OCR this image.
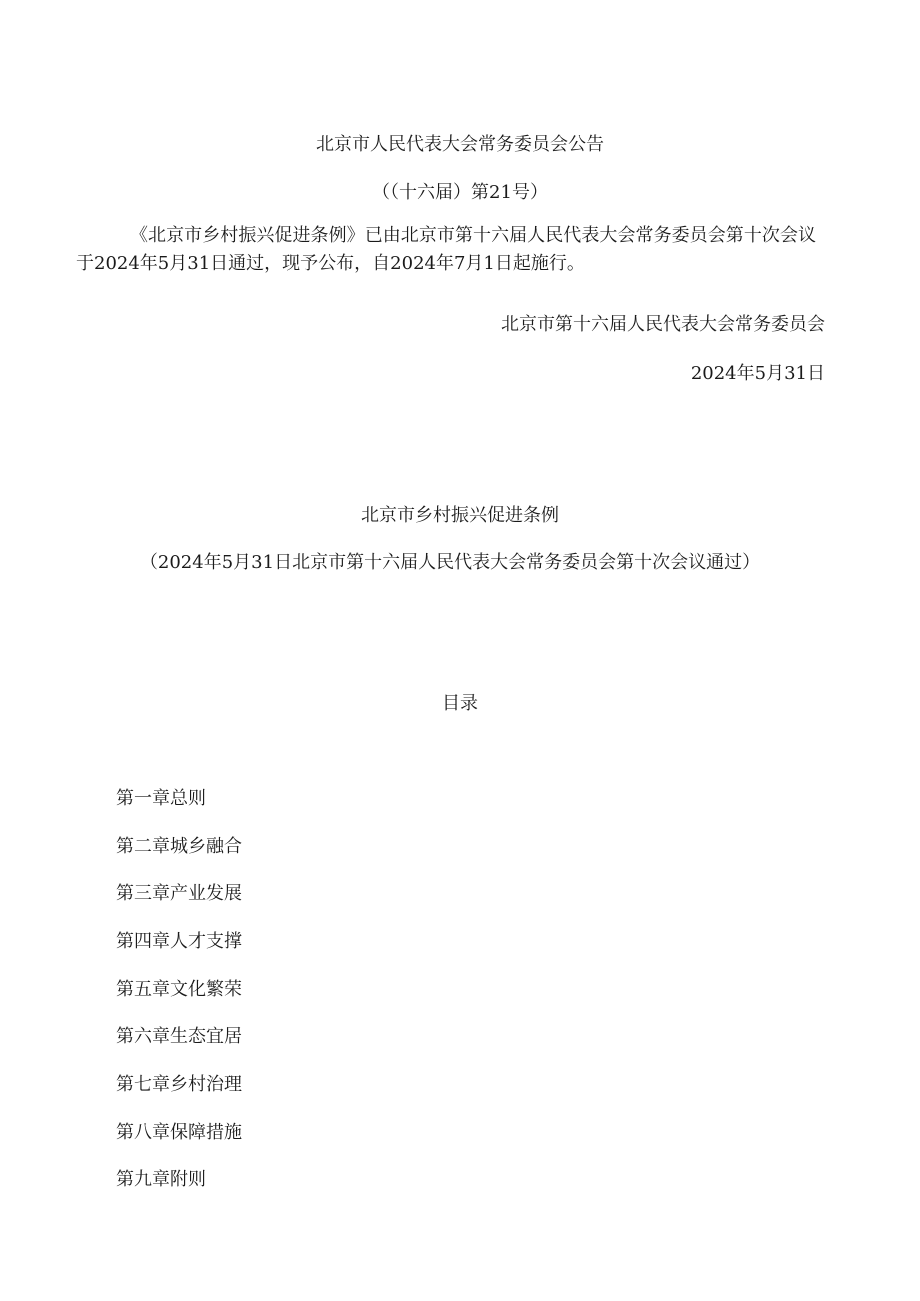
北京市人民代表大会常务委员会公告
（（十六届）第21号）
《北京市乡村振兴促进条例》已由北京市第十六届人民代表大会常务委员会第十次会议于2024年5月31日通过，现予公布，自2024年7月1日起施行。
北京市第十六届人民代表大会常务委员会
2024年5月31日
北京市乡村振兴促进条例
（2024年5月31日北京市第十六届人民代表大会常务委员会第十次会议通过）
目录
第一章总则
第二章城乡融合
第三章产业发展
第四章人才支撑
第五章文化繁荣
第六章生态宜居
第七章乡村治理
第八章保障措施
第九章附则
